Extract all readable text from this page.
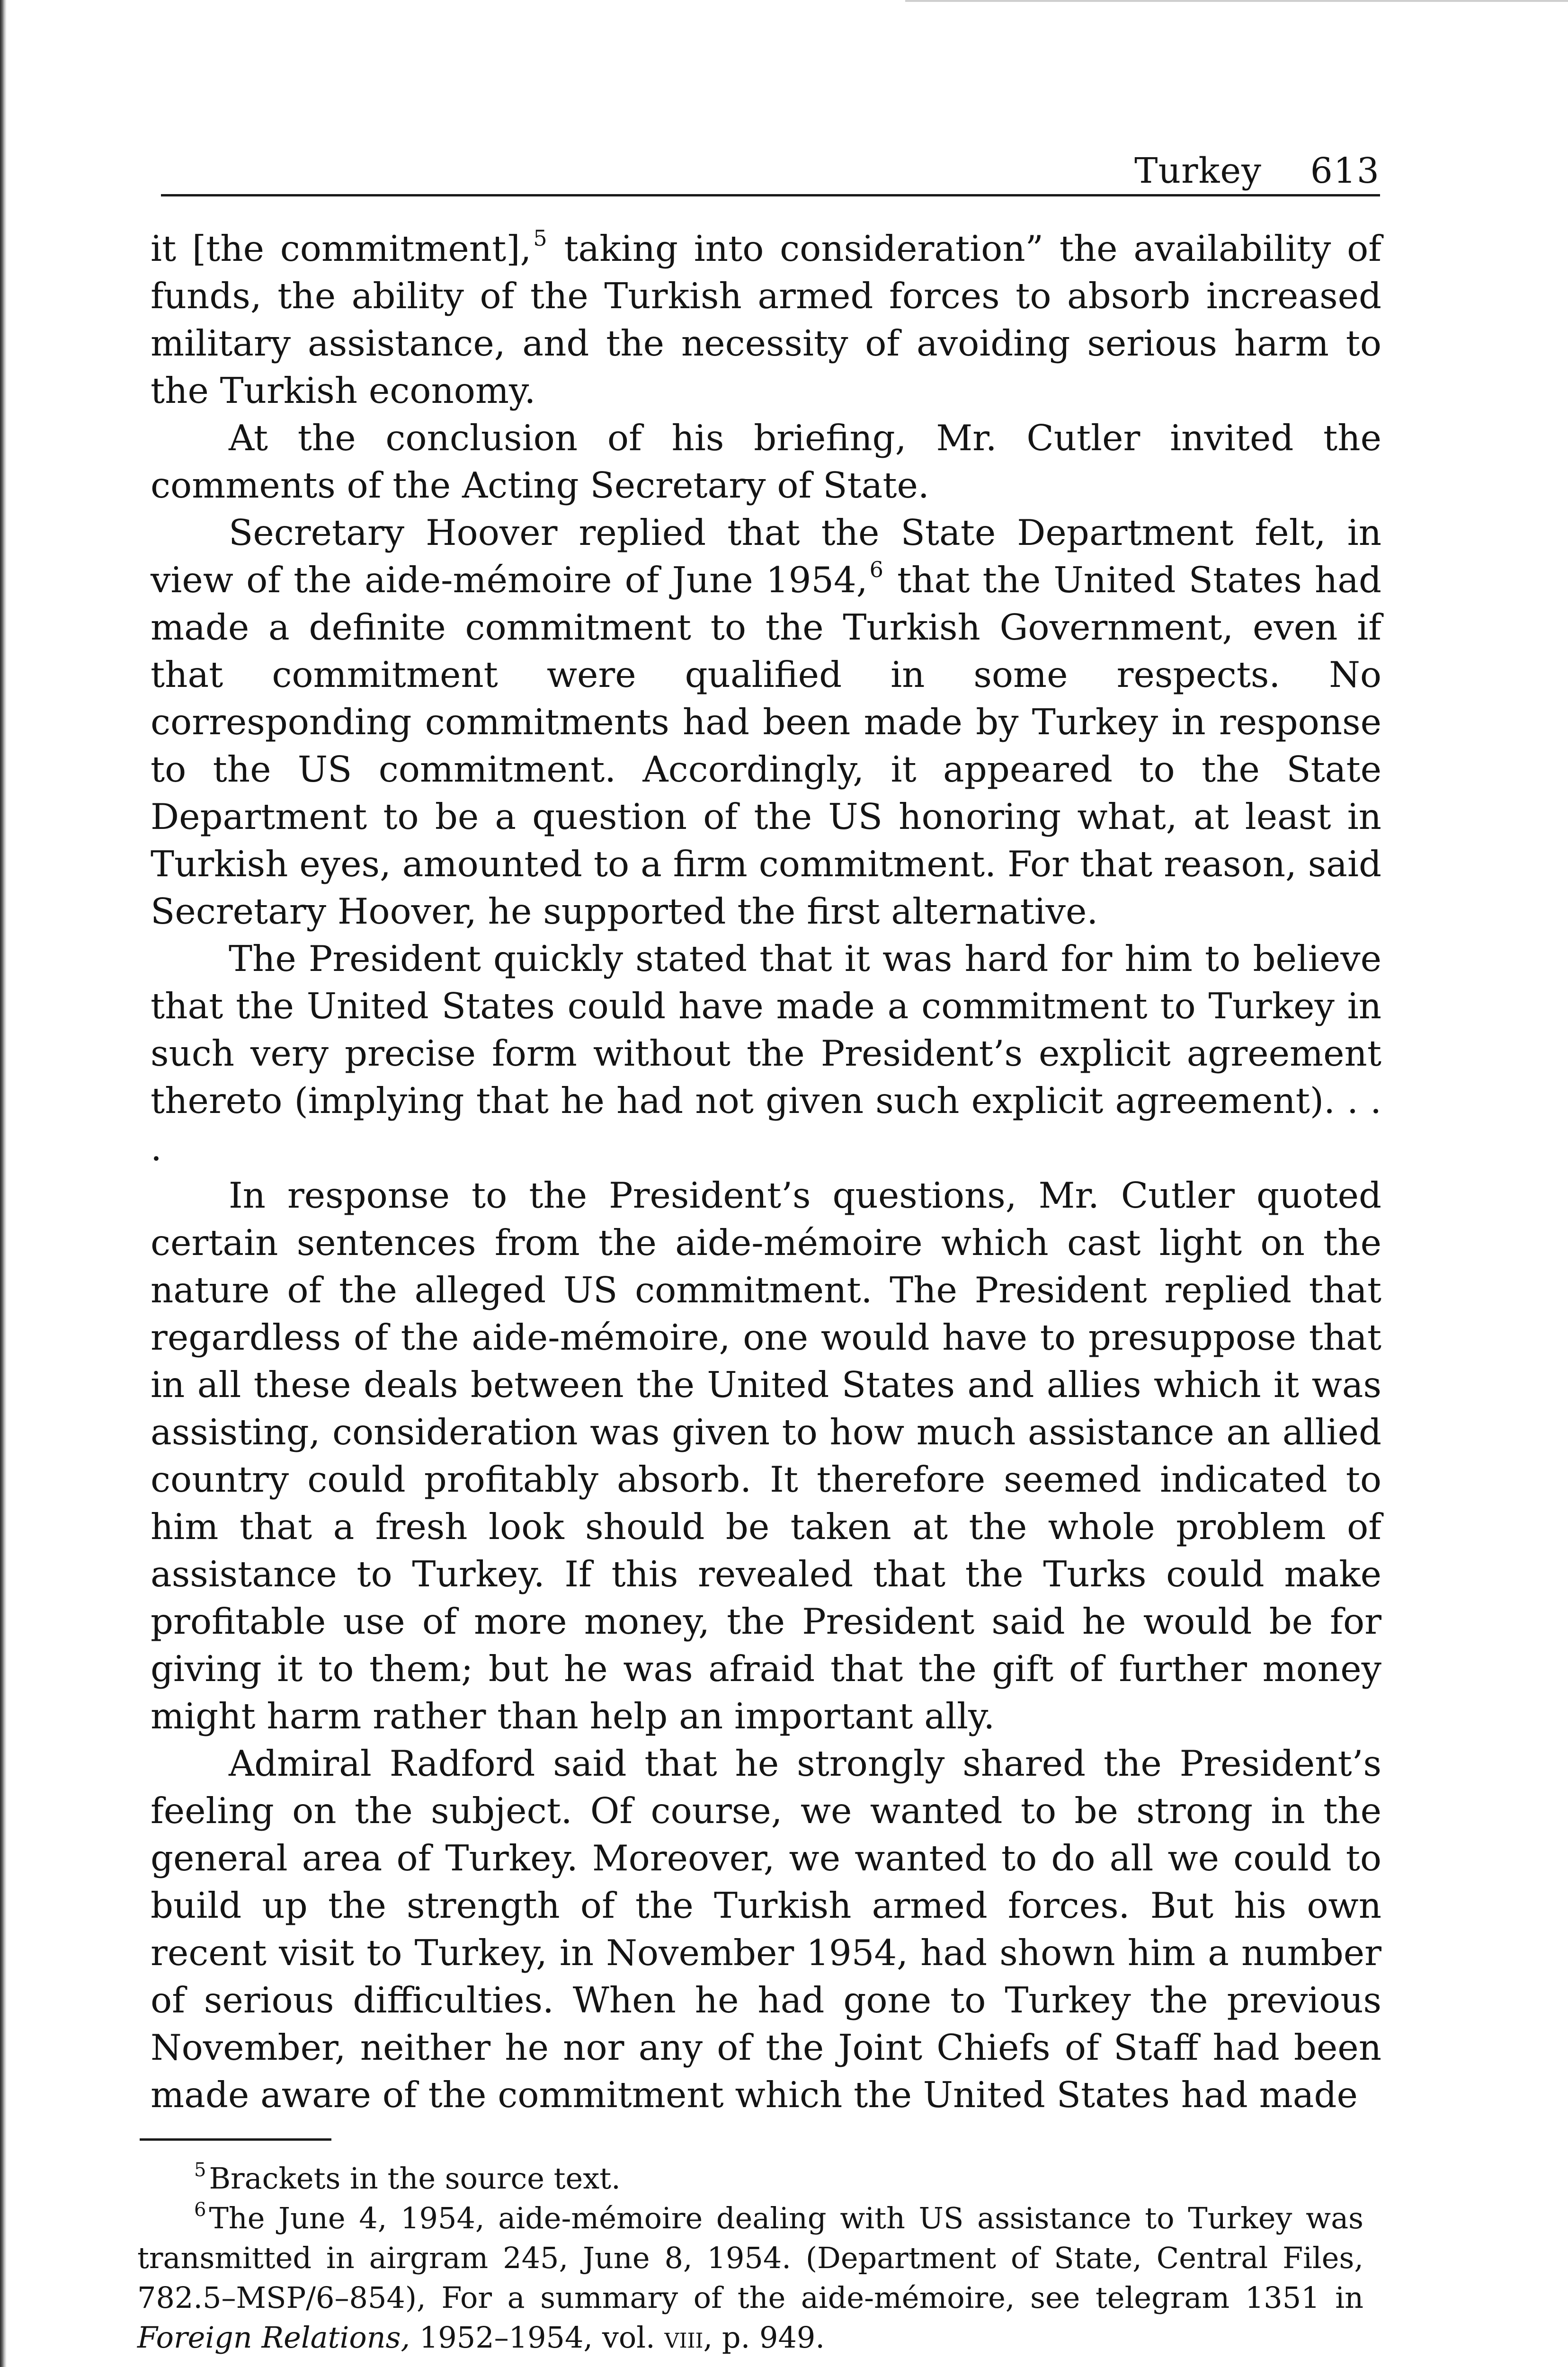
Turkey 613

it [the commitment],$^5$ taking into consideration” the availability of funds, the ability of the Turkish armed forces to absorb increased military assistance, and the necessity of avoiding serious harm to the Turkish economy.

At the conclusion of his briefing, Mr. Cutler invited the comments of the Acting Secretary of State.

Secretary Hoover replied that the State Department felt, in view of the aide-mémoire of June 1954,$^6$ that the United States had made a definite commitment to the Turkish Government, even if that commitment were qualified in some respects. No corresponding commitments had been made by Turkey in response to the US commitment. Accordingly, it appeared to the State Department to be a question of the US honoring what, at least in Turkish eyes, amounted to a firm commitment. For that reason, said Secretary Hoover, he supported the first alternative.

The President quickly stated that it was hard for him to believe that the United States could have made a commitment to Turkey in such very precise form without the President’s explicit agreement thereto (implying that he had not given such explicit agreement). . . .

In response to the President’s questions, Mr. Cutler quoted certain sentences from the aide-mémoire which cast light on the nature of the alleged US commitment. The President replied that regardless of the aide-mémoire, one would have to presuppose that in all these deals between the United States and allies which it was assisting, consideration was given to how much assistance an allied country could profitably absorb. It therefore seemed indicated to him that a fresh look should be taken at the whole problem of assistance to Turkey. If this revealed that the Turks could make profitable use of more money, the President said he would be for giving it to them; but he was afraid that the gift of further money might harm rather than help an important ally.

Admiral Radford said that he strongly shared the President’s feeling on the subject. Of course, we wanted to be strong in the general area of Turkey. Moreover, we wanted to do all we could to build up the strength of the Turkish armed forces. But his own recent visit to Turkey, in November 1954, had shown him a number of serious difficulties. When he had gone to Turkey the previous November, neither he nor any of the Joint Chiefs of Staff had been made aware of the commitment which the United States had made

$^5$Brackets in the source text.

$^6$The June 4, 1954, aide-mémoire dealing with US assistance to Turkey was transmitted in airgram 245, June 8, 1954. (Department of State, Central Files, 782.5–MSP/6–854), For a summary of the aide-mémoire, see telegram 1351 in Foreign Relations, 1952–1954, vol. viii, p. 949.
